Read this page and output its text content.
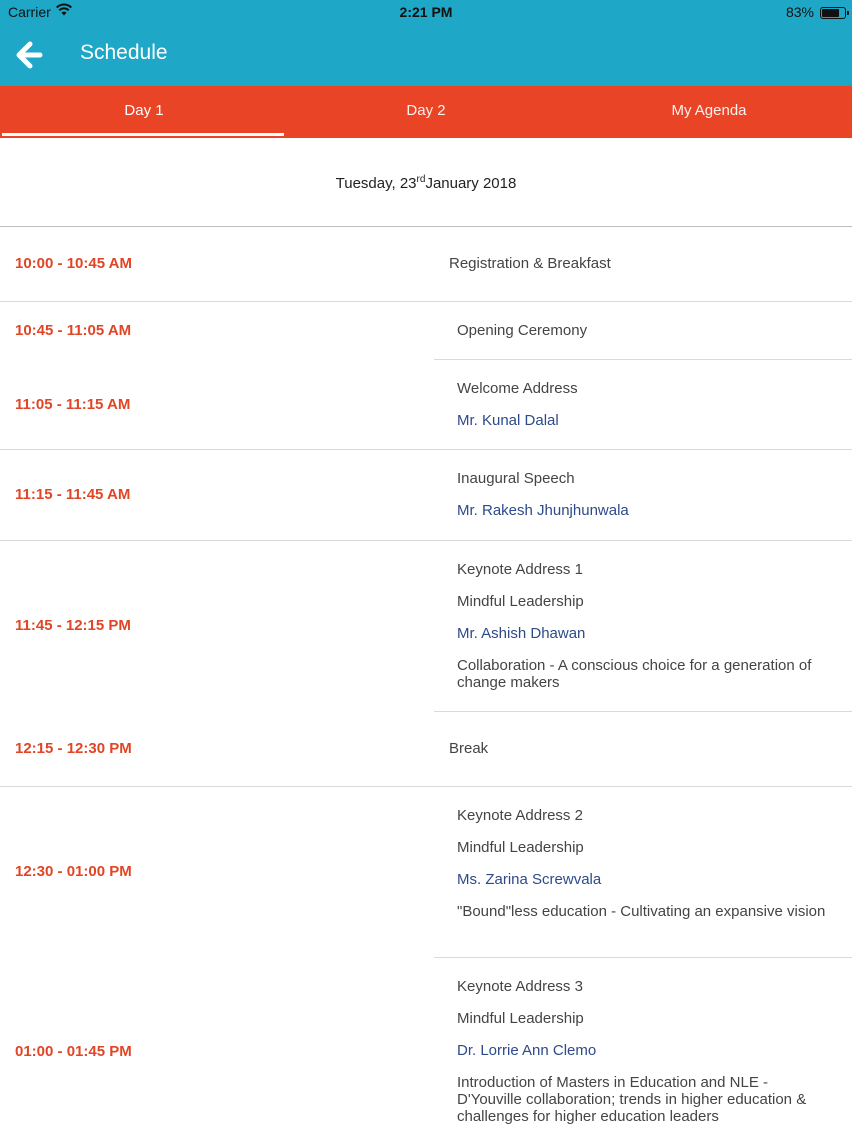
Carrier	2:21 PM	83%
Schedule
Day 1	Day 2	My Agenda
Tuesday, 23rdJanuary 2018
10:00 - 10:45 AM	Registration & Breakfast
10:45 - 11:05 AM	Opening Ceremony
11:05 - 11:15 AM
Welcome Address
Mr. Kunal Dalal
11:15 - 11:45 AM
Inaugural Speech
Mr. Rakesh Jhunjhunwala
11:45 - 12:15 PM
Keynote Address 1
Mindful Leadership
Mr. Ashish Dhawan
Collaboration - A conscious choice for a generation of change makers
12:15 - 12:30 PM	Break
12:30 - 01:00 PM
Keynote Address 2
Mindful Leadership
Ms. Zarina Screwvala
"Bound"less education - Cultivating an expansive vision
01:00 - 01:45 PM
Keynote Address 3
Mindful Leadership
Dr. Lorrie Ann Clemo
Introduction of Masters in Education and NLE - D'Youville collaboration; trends in higher education & challenges for higher education leaders
